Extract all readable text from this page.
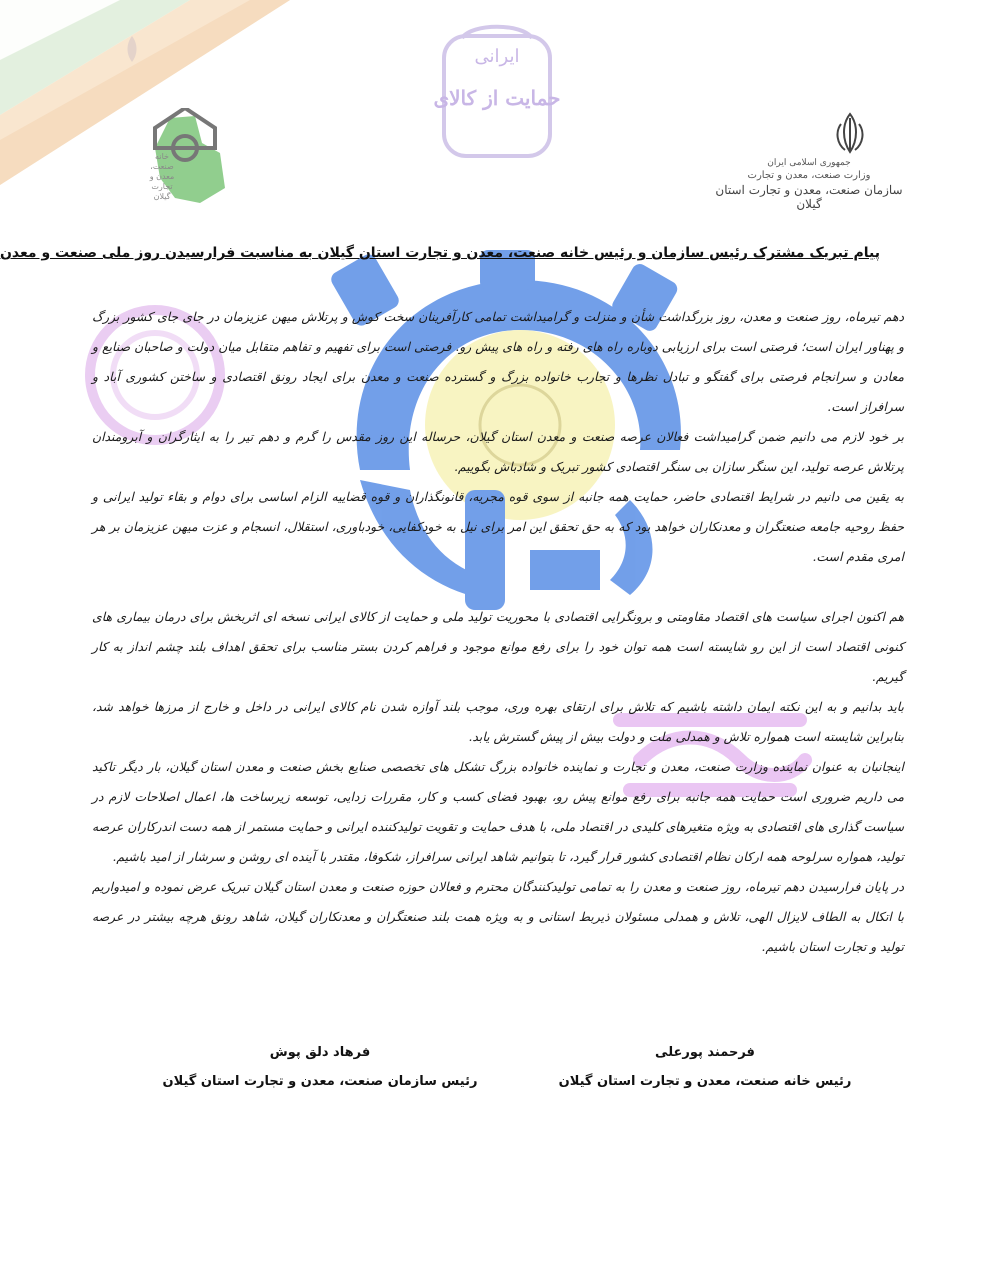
خانه صنعت، معدن و تجارت گیلان
ایرانی
حمایت از کالای
جمهوری اسلامی ایران
وزارت صنعت، معدن و تجارت
سازمان صنعت، معدن و تجارت استان گیلان
پیام تبریک مشترک رئیس سازمان و رئیس خانه صنعت، معدن و تجارت استان گیلان به مناسبت فرارسیدن روز ملی صنعت و معدن

دهم تیرماه، روز صنعت و معدن، روز بزرگداشت شأن و منزلت و گرامیداشت تمامی کارآفرینان سخت کوش و پرتلاش میهن عزیزمان در جای جای کشور بزرگ و پهناور ایران است؛ فرصتی است برای ارزیابی دوباره راه های رفته و راه های پیش رو. فرصتی است برای تفهیم و تفاهم متقابل میان دولت و صاحبان صنایع و معادن و سرانجام فرصتی برای گفتگو و تبادل نظرها و تجارب خانواده بزرگ و گسترده صنعت و معدن برای ایجاد رونق اقتصادی و ساختن کشوری آباد و سرافراز است.

بر خود لازم می دانیم ضمن گرامیداشت فعالان عرصه صنعت و معدن استان گیلان، حرساله این روز مقدس را گرم و دهم تیر را به ایثارگران و آبرومندان پرتلاش عرصه تولید، این سنگر سازان بی سنگر اقتصادی کشور تبریک و شادباش بگوییم.

به یقین می دانیم در شرایط اقتصادی حاضر، حمایت همه جانبه از سوی قوه مجریه، قانونگذاران و قوه قضاییه الزام اساسی برای دوام و بقاء تولید ایرانی و حفظ روحیه جامعه صنعتگران و معدنکاران خواهد بود که به حق تحقق این امر برای نیل به خودکفایی، خودباوری، استقلال، انسجام و عزت میهن عزیزمان بر هر امری مقدم است.

هم اکنون اجرای سیاست های اقتصاد مقاومتی و برونگرایی اقتصادی با محوریت تولید ملی و حمایت از کالای ایرانی نسخه ای اثربخش برای درمان بیماری های کنونی اقتصاد است از این رو شایسته است همه توان خود را برای رفع موانع موجود و فراهم کردن بستر مناسب برای تحقق اهداف بلند چشم انداز به کار گیریم.

باید بدانیم و به این نکته ایمان داشته باشیم که تلاش برای ارتقای بهره وری، موجب بلند آوازه شدن نام کالای ایرانی در داخل و خارج از مرزها خواهد شد، بنابراین شایسته است همواره تلاش و همدلی ملت و دولت بیش از پیش گسترش یابد.

اینجانبان به عنوان نماینده وزارت صنعت، معدن و تجارت و نماینده خانواده بزرگ تشکل های تخصصی صنایع بخش صنعت و معدن استان گیلان، بار دیگر تاکید می داریم ضروری است حمایت همه جانبه برای رفع موانع پیش رو، بهبود فضای کسب و کار، مقررات زدایی، توسعه زیرساخت ها، اعمال اصلاحات لازم در سیاست گذاری های اقتصادی به ویژه متغیرهای کلیدی در اقتصاد ملی، با هدف حمایت و تقویت تولیدکننده ایرانی و حمایت مستمر از همه دست اندرکاران عرصه تولید، همواره سرلوحه همه ارکان نظام اقتصادی کشور قرار گیرد، تا بتوانیم شاهد ایرانی سرافراز، شکوفا، مقتدر با آینده ای روشن و سرشار از امید باشیم.

در پایان فرارسیدن دهم تیرماه، روز صنعت و معدن را به تمامی تولیدکنندگان محترم و فعالان حوزه صنعت و معدن استان گیلان تبریک عرض نموده و امیدواریم با اتکال به الطاف لایزال الهی، تلاش و همدلی مسئولان ذیربط استانی و به ویژه همت بلند صنعتگران و معدنکاران گیلان، شاهد رونق هرچه بیشتر در عرصه تولید و تجارت استان باشیم.

فرهاد دلق پوش
رئیس سازمان صنعت، معدن و تجارت استان گیلان
فرحمند پورعلی
رئیس خانه صنعت، معدن و تجارت استان گیلان
